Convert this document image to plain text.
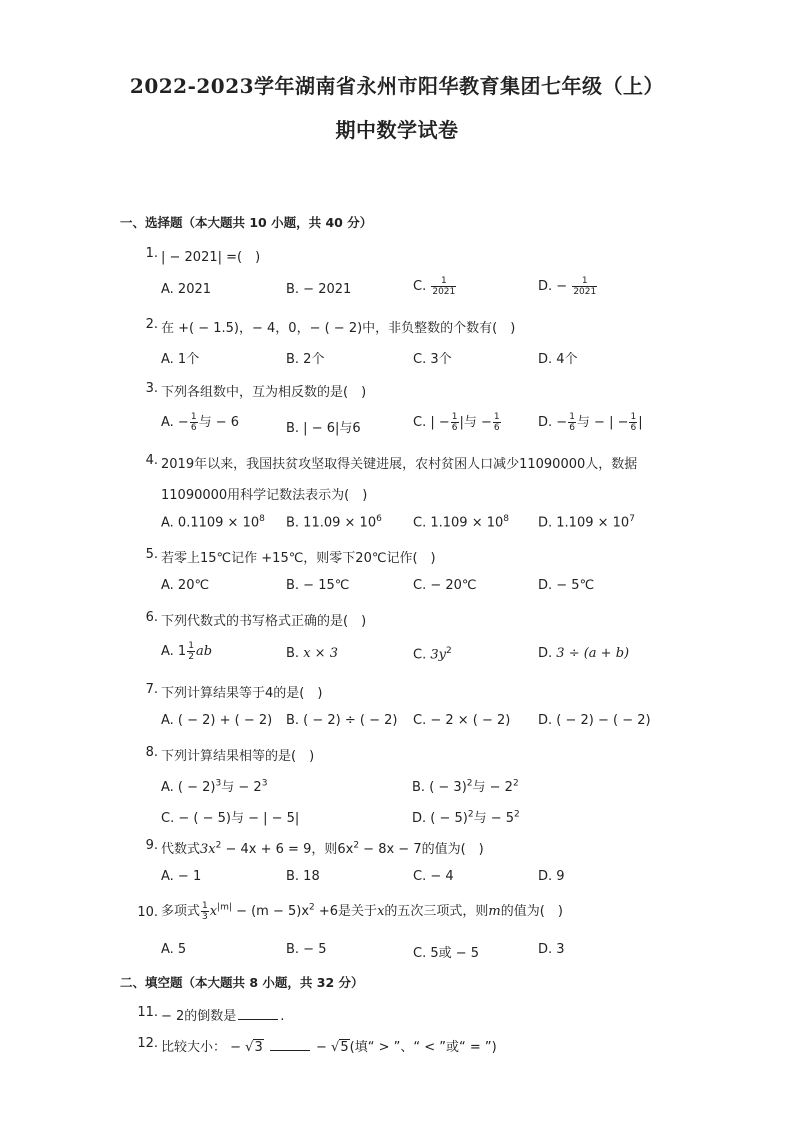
2022-2023学年湖南省永州市阳华教育集团七年级（上）
期中数学试卷
一、选择题（本大题共 10 小题，共 40 分）
1. | − 2021| =(　)
A. 2021	B. − 2021	C. $\frac{1}{2021}$	D. − $\frac{1}{2021}$
2. 在 +( − 1.5)，− 4，0，− ( − 2)中，非负整数的个数有(　)
A. 1个	B. 2个	C. 3个	D. 4个
3. 下列各组数中，互为相反数的是(　)
A. − $\frac{1}{6}$ 与 − 6	B. | − 6|与6	C. | − $\frac{1}{6}$ |与 − $\frac{1}{6}$	D. − $\frac{1}{6}$ 与 − | − $\frac{1}{6}$ |
4. 2019年以来，我国扶贫攻坚取得关键进展，农村贫困人口减少11090000人，数据
11090000用科学记数法表示为(　)
A. $0.1109 \times 10^8$ B. $11.09 \times 10^6$ C. $1.109 \times 10^8$ D. $1.109 \times 10^7$
5. 若零上15℃记作 +15℃，则零下20℃记作(　)
A. 20℃	B. − 15℃	C. − 20℃	D. − 5℃
6. 下列代数式的书写格式正确的是(　)
A. $1 \frac{1}{2}$ ab	B. x × 3	C. $3y^2$	D. 3 ÷ (a + b)
7. 下列计算结果等于4的是(　)
A. ( − 2) + ( − 2) B. ( − 2) ÷ ( − 2) C. − 2 × ( − 2) D. ( − 2) − ( − 2)
8. 下列计算结果相等的是(　)
A. ( − 2)$^3$与 − $2^3$	B. ( − 3)$^2$与 − $2^2$
C. − ( − 5)与 − | − 5|	D. ( − 5)$^2$与 − $5^2$
9. 代数式$3x^2 - 4x + 6 = 9$，则$6x^2 - 8x - 7$的值为(　)
A. − 1	B. 18	C. − 4	D. 9
10. 多项式 $\frac{1}{3} x^{|m|} - (m - 5)x^2 +6$是关于x的五次三项式，则m的值为(　)
A. 5	B. − 5	C. 5或 − 5	D. 3
二、填空题（本大题共 8 小题，共 32 分）
11. − 2的倒数是	.
12. 比较大小： − √3	− √5(填“ > ”、“ < ”或“ = ”)
